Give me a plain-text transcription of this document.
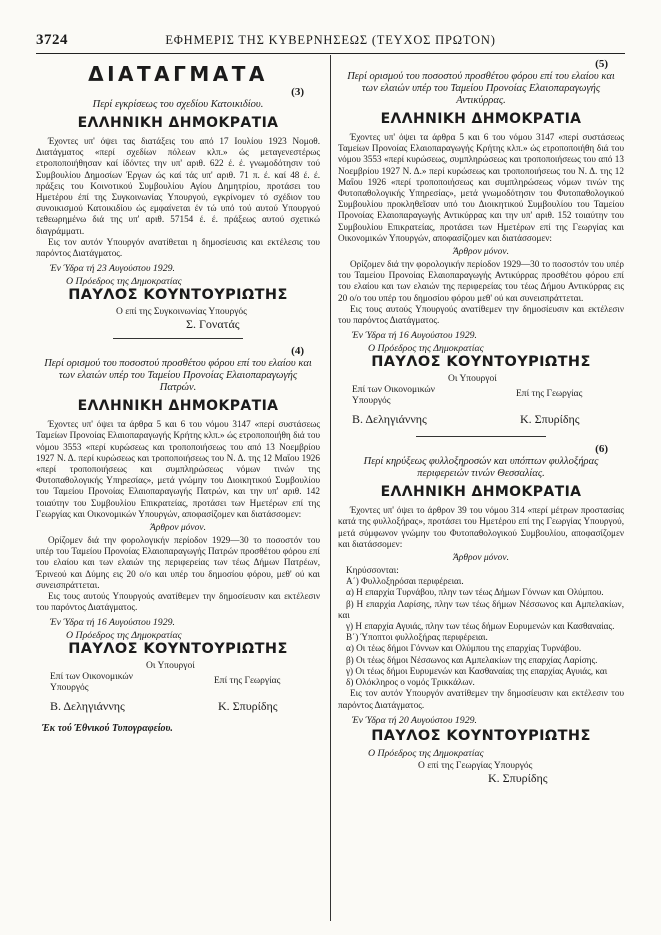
3724	ΕΦΗΜΕΡΙΣ ΤΗΣ ΚΥΒΕΡΝΗΣΕΩΣ (ΤΕΥΧΟΣ ΠΡΩΤΟΝ)
ΔΙΑΤΑΓΜΑΤΑ
(3)
Περί εγκρίσεως του σχεδίου Κατοικιδίου.
ΕΛΛΗΝΙΚΗ ΔΗΜΟΚΡΑΤΙΑ

Έχοντες υπ' όψει τας διατάξεις του από 17 Ιουλίου 1923 Νομοθ. Διατάγματος «περί σχεδίων πόλεων κλπ.» ώς μεταγενεστέρως ετροποποιήθησαν καί ίδόντες την υπ' αριθ. 622 έ. έ. γνωμοδότησιν τού Συμβουλίου Δημοσίων Έργων ώς καί τάς υπ' αριθ. 71 π. έ. καί 48 έ. έ. πράξεις του Κοινοτικού Συμβουλίου Αγίου Δημητρίου, προτάσει του Ημετέρου έπί της Συγκοινωνίας Υπουργού, εγκρίνομεν τό σχέδιον του συνοικισμού Κατοικιδίου ώς εμφαίνεται έν τώ υπό τού αυτού Υπουργού τεθεωρημένω διά της υπ' αριθ. 57154 έ. έ. πράξεως αυτού σχετικώ διαγράμματι.

Εις τον αυτόν Υπουργόν ανατίθεται η δημοσίευσις και εκτέλεσις του παρόντος Διατάγματος.

Έν Ύδρα τή 23 Αυγούστου 1929.
Ο Πρόεδρος της Δημοκρατίας
ΠΑΥΛΟΣ ΚΟΥΝΤΟΥΡΙΩΤΗΣ
Ο επί της Συγκοινωνίας Υπουργός
Σ. Γονατάς
(4)
Περί ορισμού του ποσοστού προσθέτου φόρου επί του ελαίου και των ελαιών υπέρ του Ταμείου Προνοίας Ελαιοπαραγωγής Πατρών.
ΕΛΛΗΝΙΚΗ ΔΗΜΟΚΡΑΤΙΑ

Έχοντες υπ' όψει τα άρθρα 5 και 6 του νόμου 3147 «περί συστάσεως Ταμείων Προνοίας Ελαιοπαραγωγής Κρήτης κλπ.» ώς ετροποποιήθη διά του νόμου 3553 «περί κυρώσεως και τροποποιήσεως του από 13 Νοεμβρίου 1927 Ν. Δ. περί κυρώσεως και τροποποιήσεως του Ν. Δ. της 12 Μαΐου 1926 «περί τροποποιήσεως και συμπληρώσεως νόμων τινών της Φυτοπαθολογικής Υπηρεσίας», μετά γνώμην του Διοικητικού Συμβουλίου του Ταμείου Προνοίας Ελαιοπαραγωγής Πατρών, και την υπ' αριθ. 142 τοιαύτην του Συμβουλίου Επικρατείας, προτάσει των Ημετέρων επί της Γεωργίας και Οικονομικών Υπουργών, αποφασίζομεν και διατάσσομεν:

Άρθρον μόνον.

Ορίζομεν διά την φορολογικήν περίοδον 1929—30 το ποσοστόν του υπέρ του Ταμείου Προνοίας Ελαιοπαραγωγής Πατρών προσθέτου φόρου επί του ελαίου και των ελαιών της περιφερείας των τέως Δήμων Πατρέων, Έρινεού και Δύμης εις 20 ο/ο και υπέρ του δημοσίου φόρου, μεθ' ού και συνεισπράττεται.

Εις τους αυτούς Υπουργούς ανατίθεμεν την δημοσίευσιν και εκτέλεσιν του παρόντος Διατάγματος.

Έν Ύδρα τή 16 Αυγούστου 1929.
Ο Πρόεδρος της Δημοκρατίας
ΠΑΥΛΟΣ ΚΟΥΝΤΟΥΡΙΩΤΗΣ
Οι Υπουργοί
Επί των Οικονομικών Υπουργός
Επί της Γεωργίας
Β. Δεληγιάννης	Κ. Σπυρίδης
Έκ τού Έθνικού Τυπογραφείου.
(5)
Περί ορισμού του ποσοστού προσθέτου φόρου επί του ελαίου και των ελαιών υπέρ του Ταμείου Προνοίας Ελαιοπαραγωγής Αντικύρρας.
ΕΛΛΗΝΙΚΗ ΔΗΜΟΚΡΑΤΙΑ

Έχοντες υπ' όψει τα άρθρα 5 και 6 του νόμου 3147 «περί συστάσεως Ταμείων Προνοίας Ελαιοπαραγωγής Κρήτης κλπ.» ώς ετροποποιήθη διά του νόμου 3553 «περί κυρώσεως, συμπληρώσεως και τροποποιήσεως του από 13 Νοεμβρίου 1927 Ν. Δ.» περί κυρώσεως και τροποποιήσεως του Ν. Δ. της 12 Μαΐου 1926 «περί τροποποιήσεως και συμπληρώσεως νόμων τινών της Φυτοπαθολογικής Υπηρεσίας», μετά γνωμοδότησιν του Φυτοπαθολογικού Συμβουλίου προκληθεῖσαν υπό του Διοικητικού Συμβουλίου του Ταμείου Προνοίας Ελαιοπαραγωγής Αντικύρρας και την υπ' αριθ. 152 τοιαύτην του Συμβουλίου Επικρατείας, προτάσει των Ημετέρων επί της Γεωργίας και Οικονομικών Υπουργών, αποφασίζομεν και διατάσσομεν:

Άρθρον μόνον.

Ορίζομεν διά την φορολογικήν περίοδον 1929—30 το ποσοστόν του υπέρ του Ταμείου Προνοίας Ελαιοπαραγωγής Αντικύρρας προσθέτου φόρου επί του ελαίου και των ελαιών της περιφερείας του τέως Δήμου Αντικύρρας εις 20 ο/ο του υπέρ του δημοσίου φόρου μεθ' ού και συνεισπράττεται.

Εις τους αυτούς Υπουργούς ανατίθεμεν την δημοσίευσιν και εκτέλεσιν του παρόντος Διατάγματος.

Έν Ύδρα τή 16 Αυγούστου 1929.
Ο Πρόεδρος της Δημοκρατίας
ΠΑΥΛΟΣ ΚΟΥΝΤΟΥΡΙΩΤΗΣ
Οι Υπουργοί
Επί των Οικονομικών Υπουργός
Επί της Γεωργίας
Β. Δεληγιάννης	Κ. Σπυρίδης
(6)
Περί κηρύξεως φυλλοξηροσών και υπόπτων φυλλοξήρας περιφερειών τινών Θεσσαλίας.
ΕΛΛΗΝΙΚΗ ΔΗΜΟΚΡΑΤΙΑ

Έχοντες υπ' όψει το άρθρον 39 του νόμου 314 «περί μέτρων προστασίας κατά της φυλλοξήρας», προτάσει του Ημετέρου επί της Γεωργίας Υπουργού, μετά σύμφωνον γνώμην του Φυτοπαθολογικού Συμβουλίου, αποφασίζομεν και διατάσσομεν:

Άρθρον μόνον.

Κηρύσσονται:

Α΄) Φυλλοξηρόσαι περιφέρειαι.

α) Η επαρχία Τυρνάβου, πλην των τέως Δήμων Γόννων και Ολύμπου.

β) Η επαρχία Λαρίσης, πλην των τέως δήμων Νέσσωνος και Αμπελακίων, και

γ) Η επαρχία Αγυιάς, πλην των τέως δήμων Ευρυμενών και Κασθαναίας.

Β΄) Ύποπτοι φυλλοξήρας περιφέρειαι.

α) Οι τέως δήμοι Γόννων και Ολύμπου της επαρχίας Τυρνάβου.

β) Οι τέως δήμοι Νέσσωνος και Αμπελακίων της επαρχίας Λαρίσης.

γ) Οι τέως δήμοι Ευρυμενών και Κασθαναίας της επαρχίας Αγυιάς, και

δ) Ολόκληρος ο νομός Τρικκάλων.

Εις τον αυτόν Υπουργόν ανατίθεμεν την δημοσίευσιν και εκτέλεσιν του παρόντος Διατάγματος.

Έν Ύδρα τή 20 Αυγούστου 1929.
ΠΑΥΛΟΣ ΚΟΥΝΤΟΥΡΙΩΤΗΣ
Ο Πρόεδρος της Δημοκρατίας
Ο επί της Γεωργίας Υπουργός
Κ. Σπυρίδης
